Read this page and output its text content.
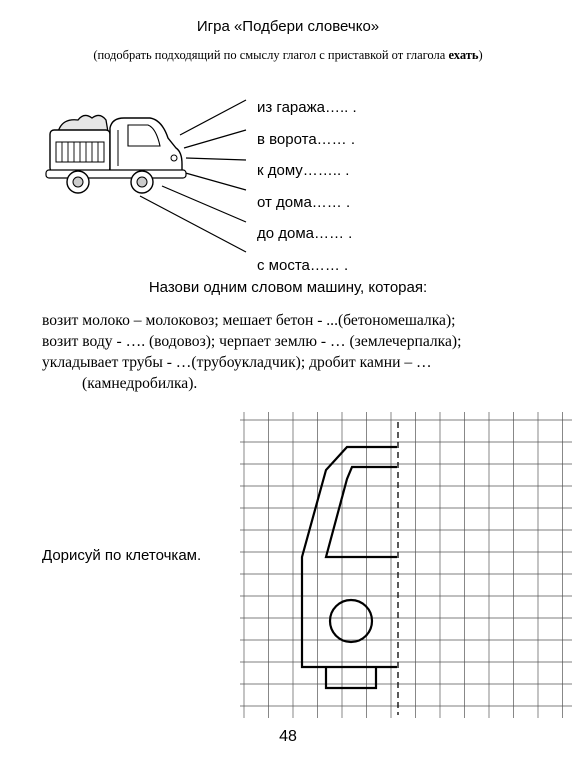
Игра «Подбери словечко»
(подобрать подходящий по смыслу глагол с приставкой от глагола ехать)
из гаража….. .
в ворота…… .
к дому…….. .
от дома…… .
до дома…… .
с моста…… .
Назови одним словом машину, которая:
возит молоко – молоковоз; мешает бетон - ...(бетономешалка);
возит воду - …. (водовоз); черпает землю - … (землечерпалка);
укладывает трубы - …(трубоукладчик); дробит камни – …
(камнедробилка).
Дорисуй по клеточкам.
48
